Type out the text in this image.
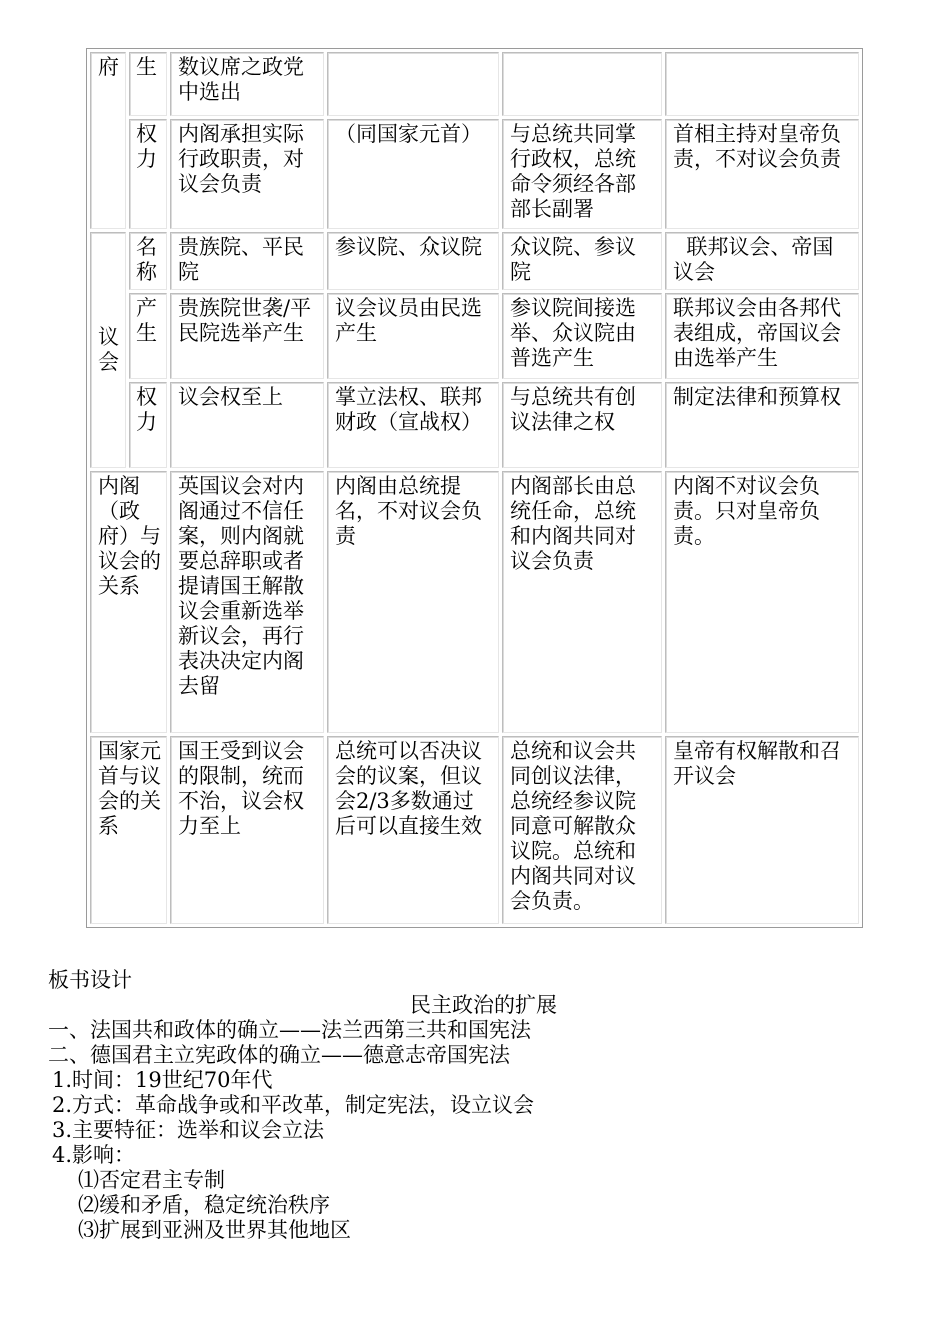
府	生	数议席之政党中选出			
	权力	内阁承担实际行政职责，对议会负责	（同国家元首）	与总统共同掌行政权，总统命令须经各部部长副署	首相主持对皇帝负责，不对议会负责
议会	名称	贵族院、平民院	参议院、众议院	众议院、参议院	联邦议会、帝国议会
	产生	贵族院世袭/平民院选举产生	议会议员由民选产生	参议院间接选举、众议院由普选产生	联邦议会由各邦代表组成，帝国议会由选举产生
	权力	议会权至上	掌立法权、联邦财政（宣战权）	与总统共有创议法律之权	制定法律和预算权
内阁（政府）与议会的关系		英国议会对内阁通过不信任案，则内阁就要总辞职或者提请国王解散议会重新选举新议会，再行表决决定内阁去留	内阁由总统提名，不对议会负责	内阁部长由总统任命，总统和内阁共同对议会负责	内阁不对议会负责。只对皇帝负责。
国家元首与议会的关系		国王受到议会的限制，统而不治，议会权力至上	总统可以否决议会的议案，但议会2/3多数通过后可以直接生效	总统和议会共同创议法律，总统经参议院同意可解散众议院。总统和内阁共同对议会负责。	皇帝有权解散和召开议会
板书设计
民主政治的扩展
一、法国共和政体的确立——法兰西第三共和国宪法
二、德国君主立宪政体的确立——德意志帝国宪法
1.时间：19世纪70年代
2.方式：革命战争或和平改革，制定宪法，设立议会
3.主要特征：选举和议会立法
4.影响：
⑴否定君主专制
⑵缓和矛盾，稳定统治秩序
⑶扩展到亚洲及世界其他地区
